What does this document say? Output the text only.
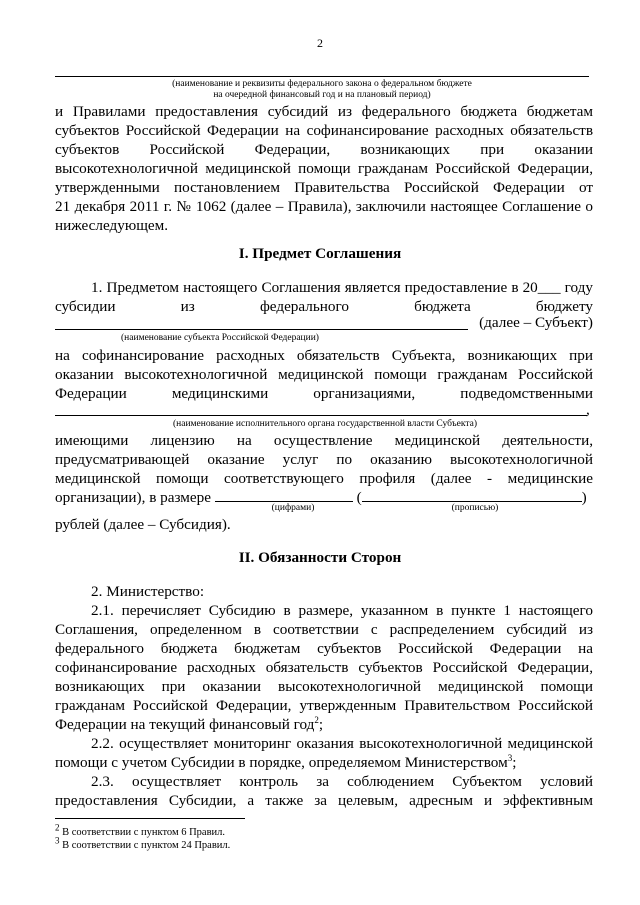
2
(наименование и реквизиты федерального закона о федеральном бюджете
на очередной финансовый год и на плановый период)
и Правилами предоставления субсидий из федерального бюджета бюджетам
субъектов Российской Федерации на софинансирование расходных обязательств
субъектов Российской Федерации, возникающих при оказании
высокотехнологичной медицинской помощи гражданам Российской Федерации,
утвержденными постановлением Правительства Российской Федерации от
21 декабря 2011 г. № 1062 (далее – Правила), заключили настоящее Соглашение о
нижеследующем.
I. Предмет Соглашения
1. Предметом настоящего Соглашения является предоставление в 20___ году
субсидии из федерального бюджета бюджету
(далее – Субъект)
(наименование субъекта Российской Федерации)
на софинансирование расходных обязательств Субъекта, возникающих при
оказании высокотехнологичной медицинской помощи гражданам Российской
Федерации медицинскими организациями, подведомственными
,
(наименование исполнительного органа государственной власти Субъекта)
имеющими лицензию на осуществление медицинской деятельности,
предусматривающей оказание услуг по оказанию высокотехнологичной
медицинской помощи соответствующего профиля (далее - медицинские
организации), в размере	(	)
(цифрами)	(прописью)
рублей (далее – Субсидия).
II. Обязанности Сторон
2. Министерство:
2.1. перечисляет Субсидию в размере, указанном в пункте 1 настоящего
Соглашения, определенном в соответствии с распределением субсидий из
федерального бюджета бюджетам субъектов Российской Федерации на
софинансирование расходных обязательств субъектов Российской Федерации,
возникающих при оказании высокотехнологичной медицинской помощи
гражданам Российской Федерации, утвержденным Правительством Российской
Федерации на текущий финансовый год$^2$;
2.2. осуществляет мониторинг оказания высокотехнологичной медицинской
помощи с учетом Субсидии в порядке, определяемом Министерством$^3$;
2.3. осуществляет контроль за соблюдением Субъектом условий
предоставления Субсидии, а также за целевым, адресным и эффективным
$^2$ В соответствии с пунктом 6 Правил.
$^3$ В соответствии с пунктом 24 Правил.
